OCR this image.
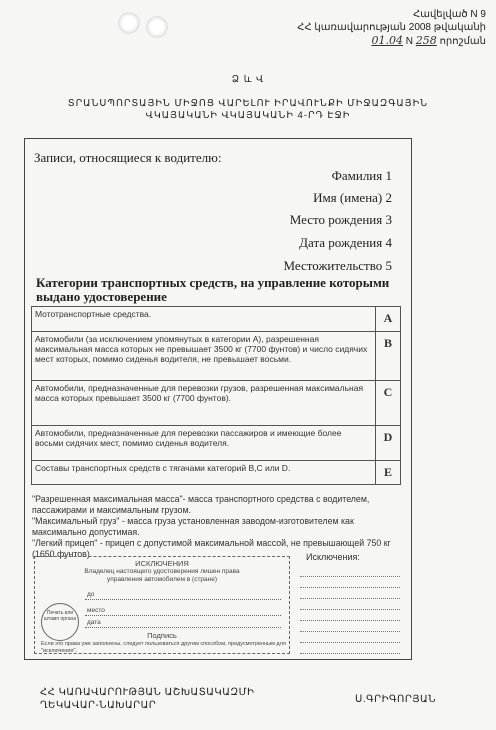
Հավելված N 9
ՀՀ կառավարության 2008 թվականի
01.04 N 258 որոշման
Ձ և Վ
ՏՐԱՆՍՊՈՐՏԱՅԻՆ ՄԻՋՈՑ ՎԱՐԵԼՈՒ ԻՐԱՎՈՒՆՔԻ ՄԻՋԱԶԳԱՅԻՆ
ՎԿԱՅԱԿԱՆԻ ՎԿԱՅԱԿԱՆԻ 4-ՐԴ ԷՋԻ
Записи, относящиеся к водителю:
Фамилия 1
Имя (имена) 2
Место рождения 3
Дата рождения 4
Местожительство 5
Категории транспортных средств, на управление которыми выдано удостоверение
Мототранспортные средства.	A
Автомобили (за исключением упомянутых в категории A), разрешенная максимальная масса которых не превышает 3500 кг (7700 фунтов) и число сидячих мест которых, помимо сиденья водителя, не превышает восьми.	B
Автомобили, предназначенные для перевозки грузов, разрешенная максимальная масса которых превышает 3500 кг (7700 фунтов).	C
Автомобили, предназначенные для перевозки пассажиров и имеющие более восьми сидячих мест, помимо сиденья водителя.	D
Составы транспортных средств с тягачами категорий B,C или D.	E
"Разрешенная максимальная масса"- масса транспортного средства с водителем, пассажирами и максимальным грузом.
"Максимальный груз" - масса груза установленная заводом-изготовителем как максимально допустимая.
"Легкий прицеп" - прицеп с допустимой максимальной массой, не превышающей 750 кг (1650 фунтов).	Исключения:
ИСКЛЮЧЕНИЯ
Владелец настоящего удостоверения лишен права
управления автомобилем в (стране)
Печать или штамп органа
до
место
дата
Подпись
Если это права уже заполнены, следует пользоваться другим способом, предусмотренным для "исключения".
ՀՀ ԿԱՌԱՎԱՐՈՒԹՅԱՆ ԱՇԽԱՏԱԿԱԶՄԻ
ՂԵԿԱՎԱՐ-ՆԱԽԱՐԱՐ
Ս.ԳՐԻԳՈՐՅԱՆ
